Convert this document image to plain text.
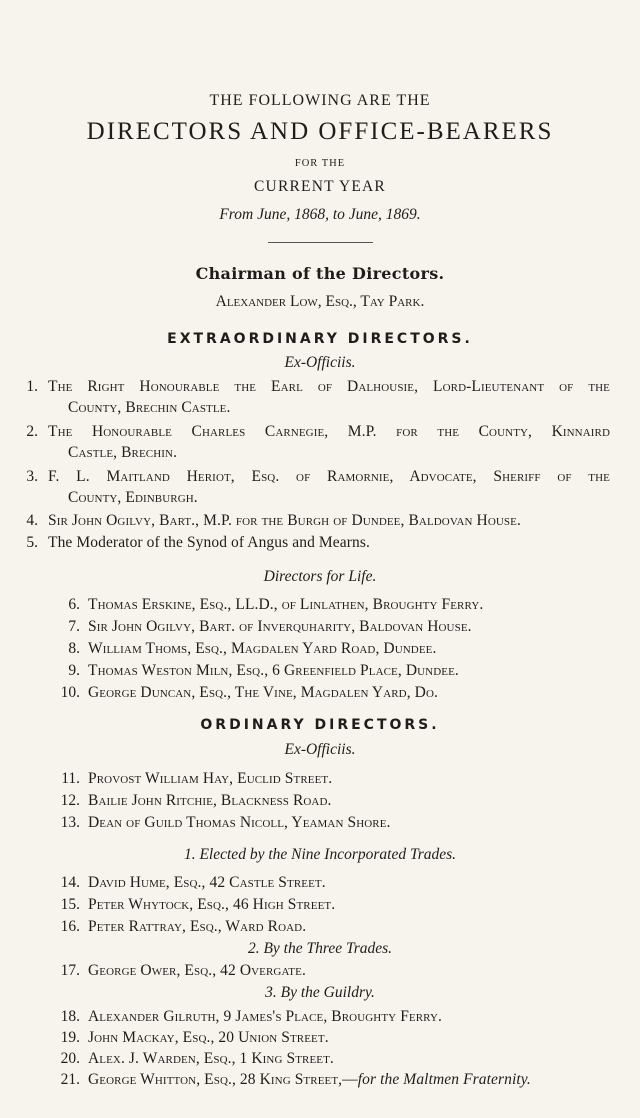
THE FOLLOWING ARE THE
DIRECTORS AND OFFICE-BEARERS
FOR THE
CURRENT YEAR
From June, 1868, to June, 1869.
Chairman of the Directors.
Alexander Low, Esq., Tay Park.
EXTRAORDINARY DIRECTORS.
Ex-Officiis.
1. The Right Honourable the Earl of Dalhousie, Lord-Lieutenant of the
County, Brechin Castle.
2. The Honourable Charles Carnegie, M.P. for the County, Kinnaird
Castle, Brechin.
3. F. L. Maitland Heriot, Esq. of Ramornie, Advocate, Sheriff of the
County, Edinburgh.
4. Sir John Ogilvy, Bart., M.P. for the Burgh of Dundee, Baldovan House.
5. The Moderator of the Synod of Angus and Mearns.
Directors for Life.
6. Thomas Erskine, Esq., LL.D., of Linlathen, Broughty Ferry.
7. Sir John Ogilvy, Bart. of Inverquharity, Baldovan House.
8. William Thoms, Esq., Magdalen Yard Road, Dundee.
9. Thomas Weston Miln, Esq., 6 Greenfield Place, Dundee.
10. George Duncan, Esq., The Vine, Magdalen Yard, Do.
ORDINARY DIRECTORS.
Ex-Officiis.
11. Provost William Hay, Euclid Street.
12. Bailie John Ritchie, Blackness Road.
13. Dean of Guild Thomas Nicoll, Yeaman Shore.
1. Elected by the Nine Incorporated Trades.
14. David Hume, Esq., 42 Castle Street.
15. Peter Whytock, Esq., 46 High Street.
16. Peter Rattray, Esq., Ward Road.
2. By the Three Trades.
17. George Ower, Esq., 42 Overgate.
3. By the Guildry.
18. Alexander Gilruth, 9 James's Place, Broughty Ferry.
19. John Mackay, Esq., 20 Union Street.
20. Alex. J. Warden, Esq., 1 King Street.
21. George Whitton, Esq., 28 King Street,—for the Maltmen Fraternity.
